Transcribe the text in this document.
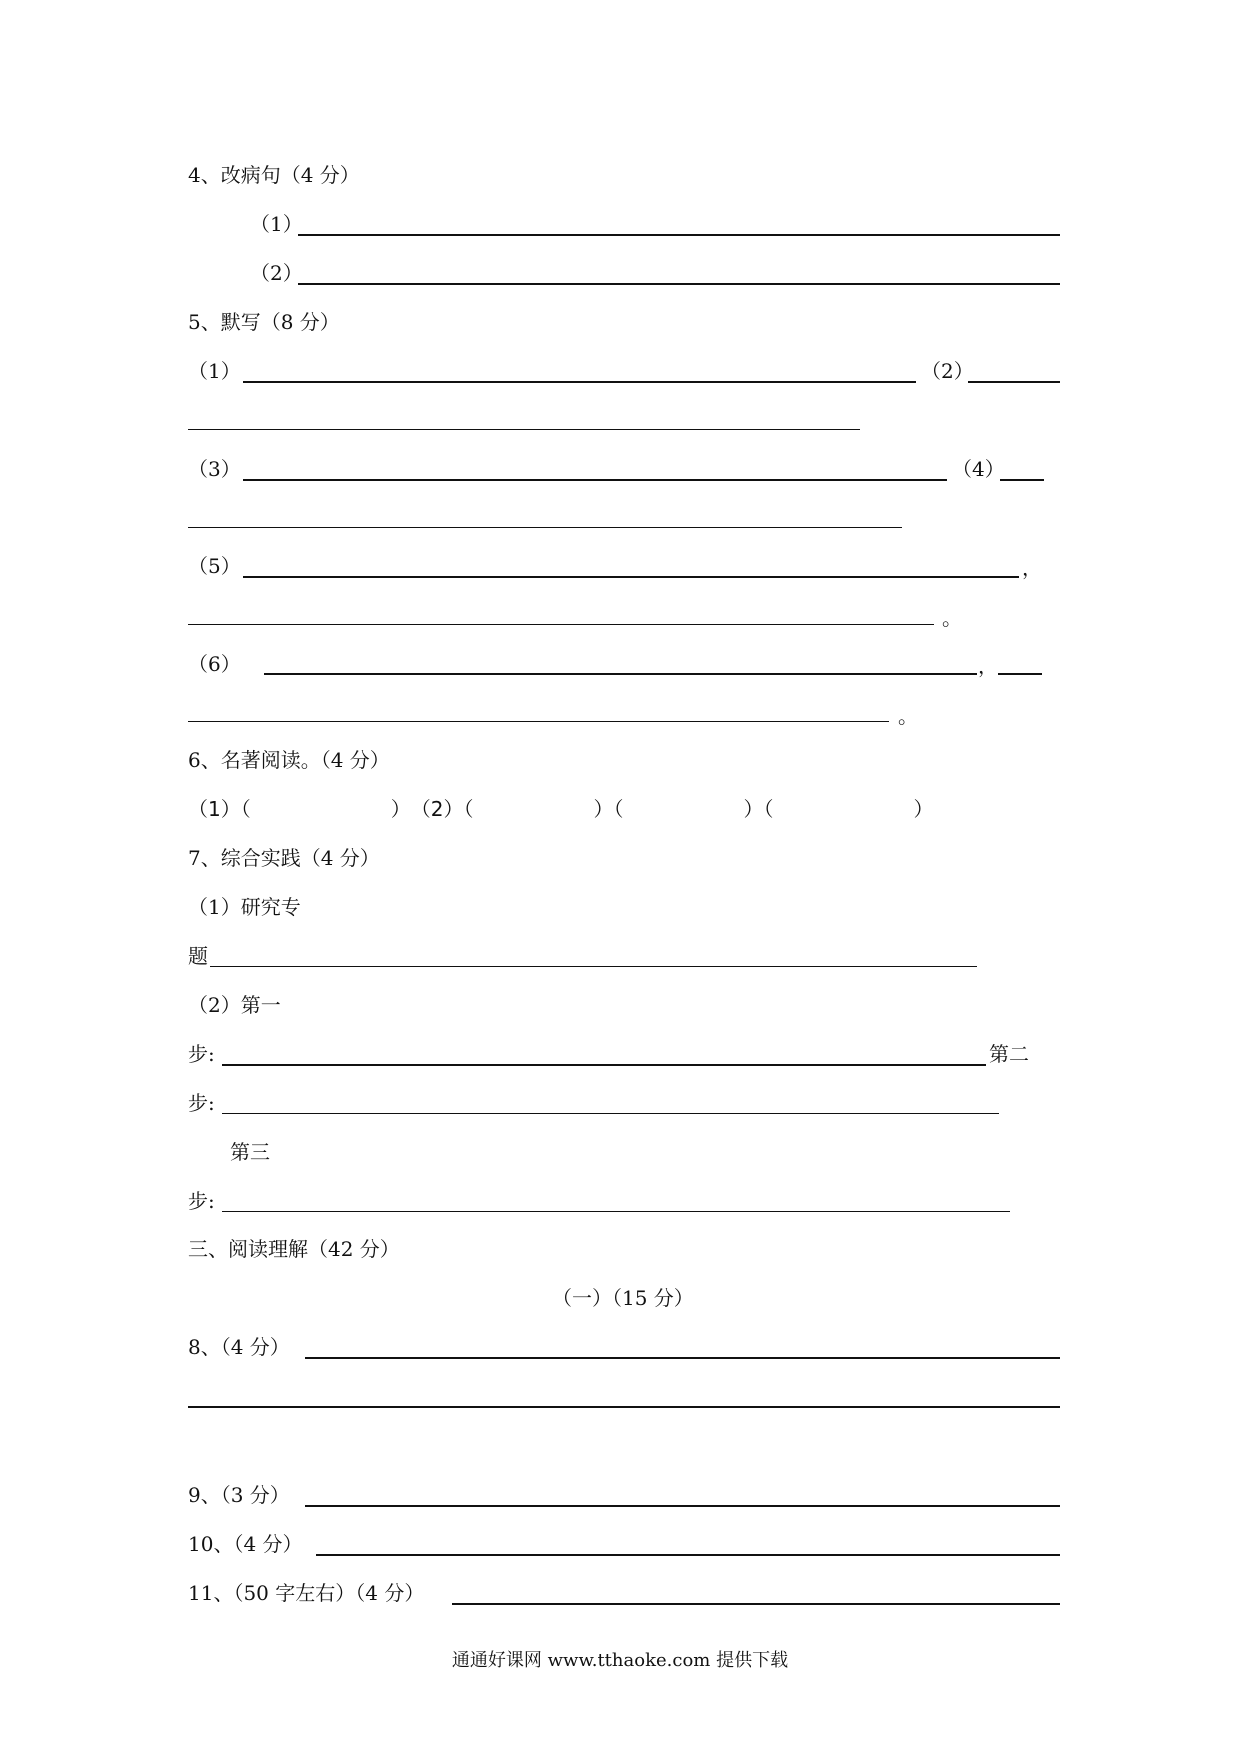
4、改病句（4 分）
（1）
（2）
5、默写（8 分）
（1）	（2）
（3）	（4）
（5）	，
。
（6）	，
。
6、名著阅读。（4 分）
（1）（　　　　　　　）　（2）（　　　　　　）（　　　　　　）（　　　　　　　）
7、综合实践（4 分）
（1）研究专
题
（2）第一
步:	第二
步:
第三
步:
三、阅读理解（42 分）
（一）（15 分）
8、（4 分）
9、（3 分）
10、（4 分）
11、（50 字左右）（4 分）
通通好课网 www.tthaoke.com 提供下载
